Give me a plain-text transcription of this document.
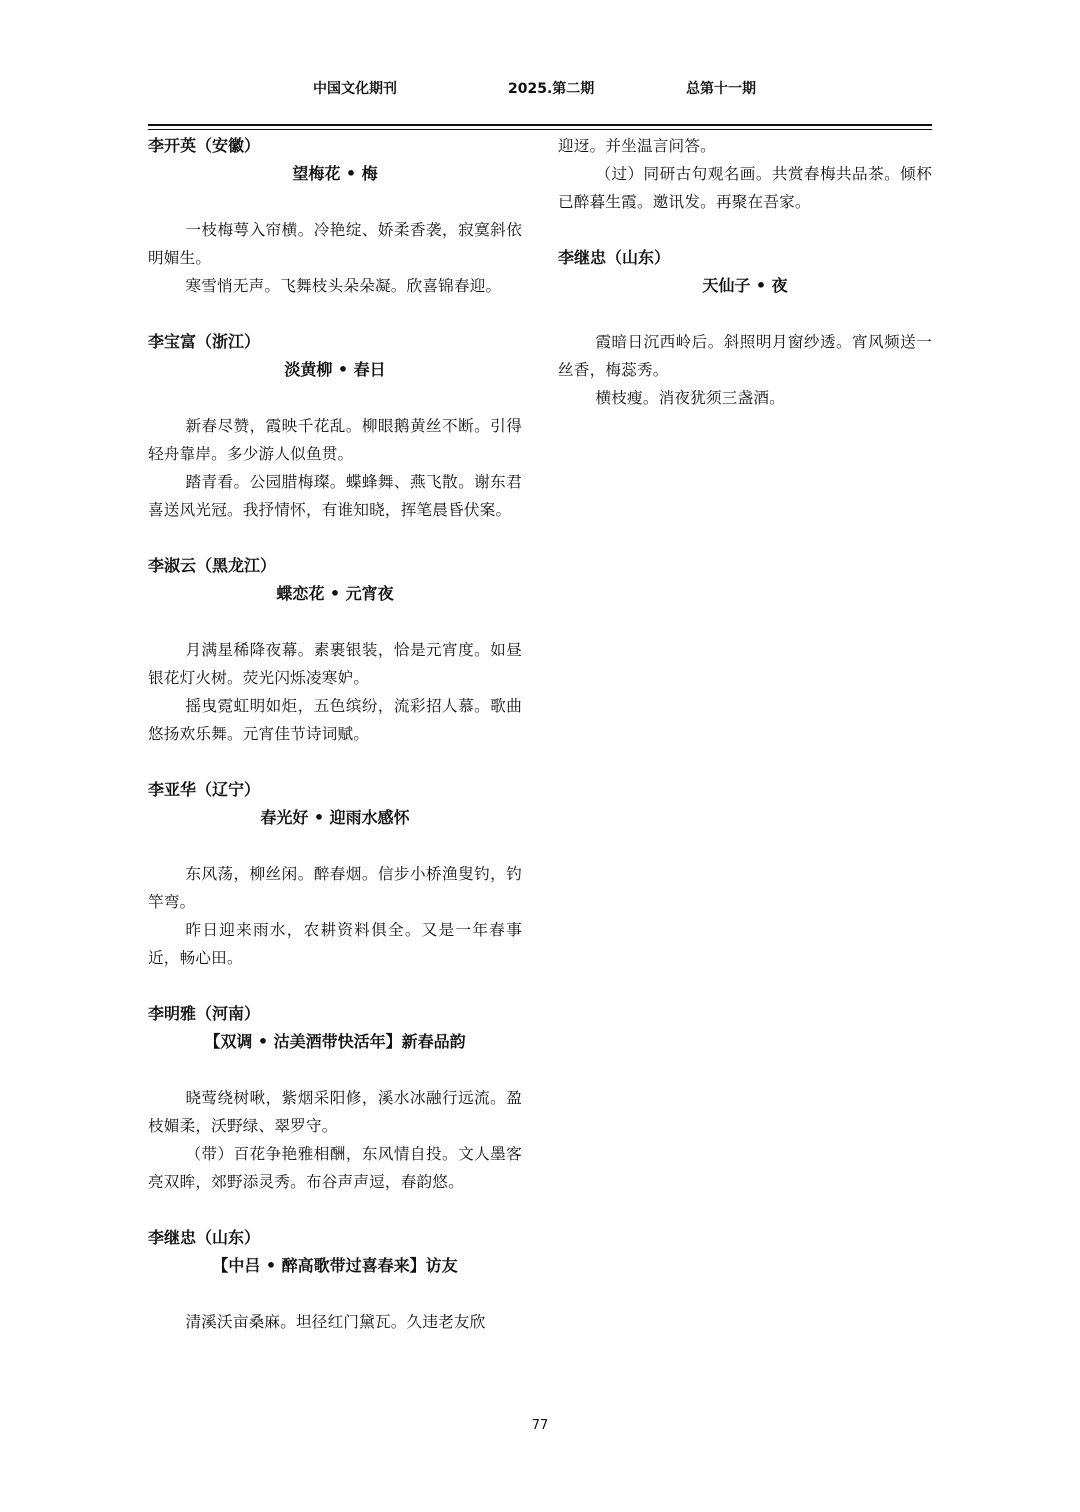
中国文化期刊	2025.第二期	总第十一期
李开英（安徽）
望梅花 • 梅

一枝梅萼入帘横。冷艳绽、娇柔香袭，寂寞斜依明媚生。

寒雪悄无声。飞舞枝头朵朵凝。欣喜锦春迎。

李宝富（浙江）
淡黄柳 • 春日

新春尽赞，霞映千花乱。柳眼鹅黄丝不断。引得轻舟靠岸。多少游人似鱼贯。

踏青看。公园腊梅璨。蝶蜂舞、燕飞散。谢东君喜送风光冠。我抒情怀，有谁知晓，挥笔晨昏伏案。

李淑云（黑龙江）
蝶恋花 • 元宵夜

月满星稀降夜幕。素裹银装，恰是元宵度。如昼银花灯火树。荧光闪烁凌寒妒。

摇曳霓虹明如炬，五色缤纷，流彩招人慕。歌曲悠扬欢乐舞。元宵佳节诗词赋。

李亚华（辽宁）
春光好 • 迎雨水感怀

东风荡，柳丝闲。醉春烟。信步小桥渔叟钓，钓竿弯。

昨日迎来雨水，农耕资料俱全。又是一年春事近，畅心田。

李明雅（河南）
【双调 • 沽美酒带快活年】新春品韵

晓莺绕树啾，紫烟采阳修，溪水冰融行远流。盈枝媚柔，沃野绿、翠罗守。

（带）百花争艳雅相酬，东风情自投。文人墨客亮双眸，郊野添灵秀。布谷声声逗，春韵悠。

李继忠（山东）
【中吕 • 醉高歌带过喜春来】访友

清溪沃亩桑麻。坦径红门黛瓦。久违老友欣

迎迓。并坐温言问答。

（过）同研古句观名画。共赏春梅共品茶。倾杯已醉暮生霞。邀讯发。再聚在吾家。

李继忠（山东）
天仙子 • 夜

霞暗日沉西岭后。斜照明月窗纱透。宵风频送一丝香，梅蕊秀。

横枝瘦。消夜犹须三盏酒。

77
